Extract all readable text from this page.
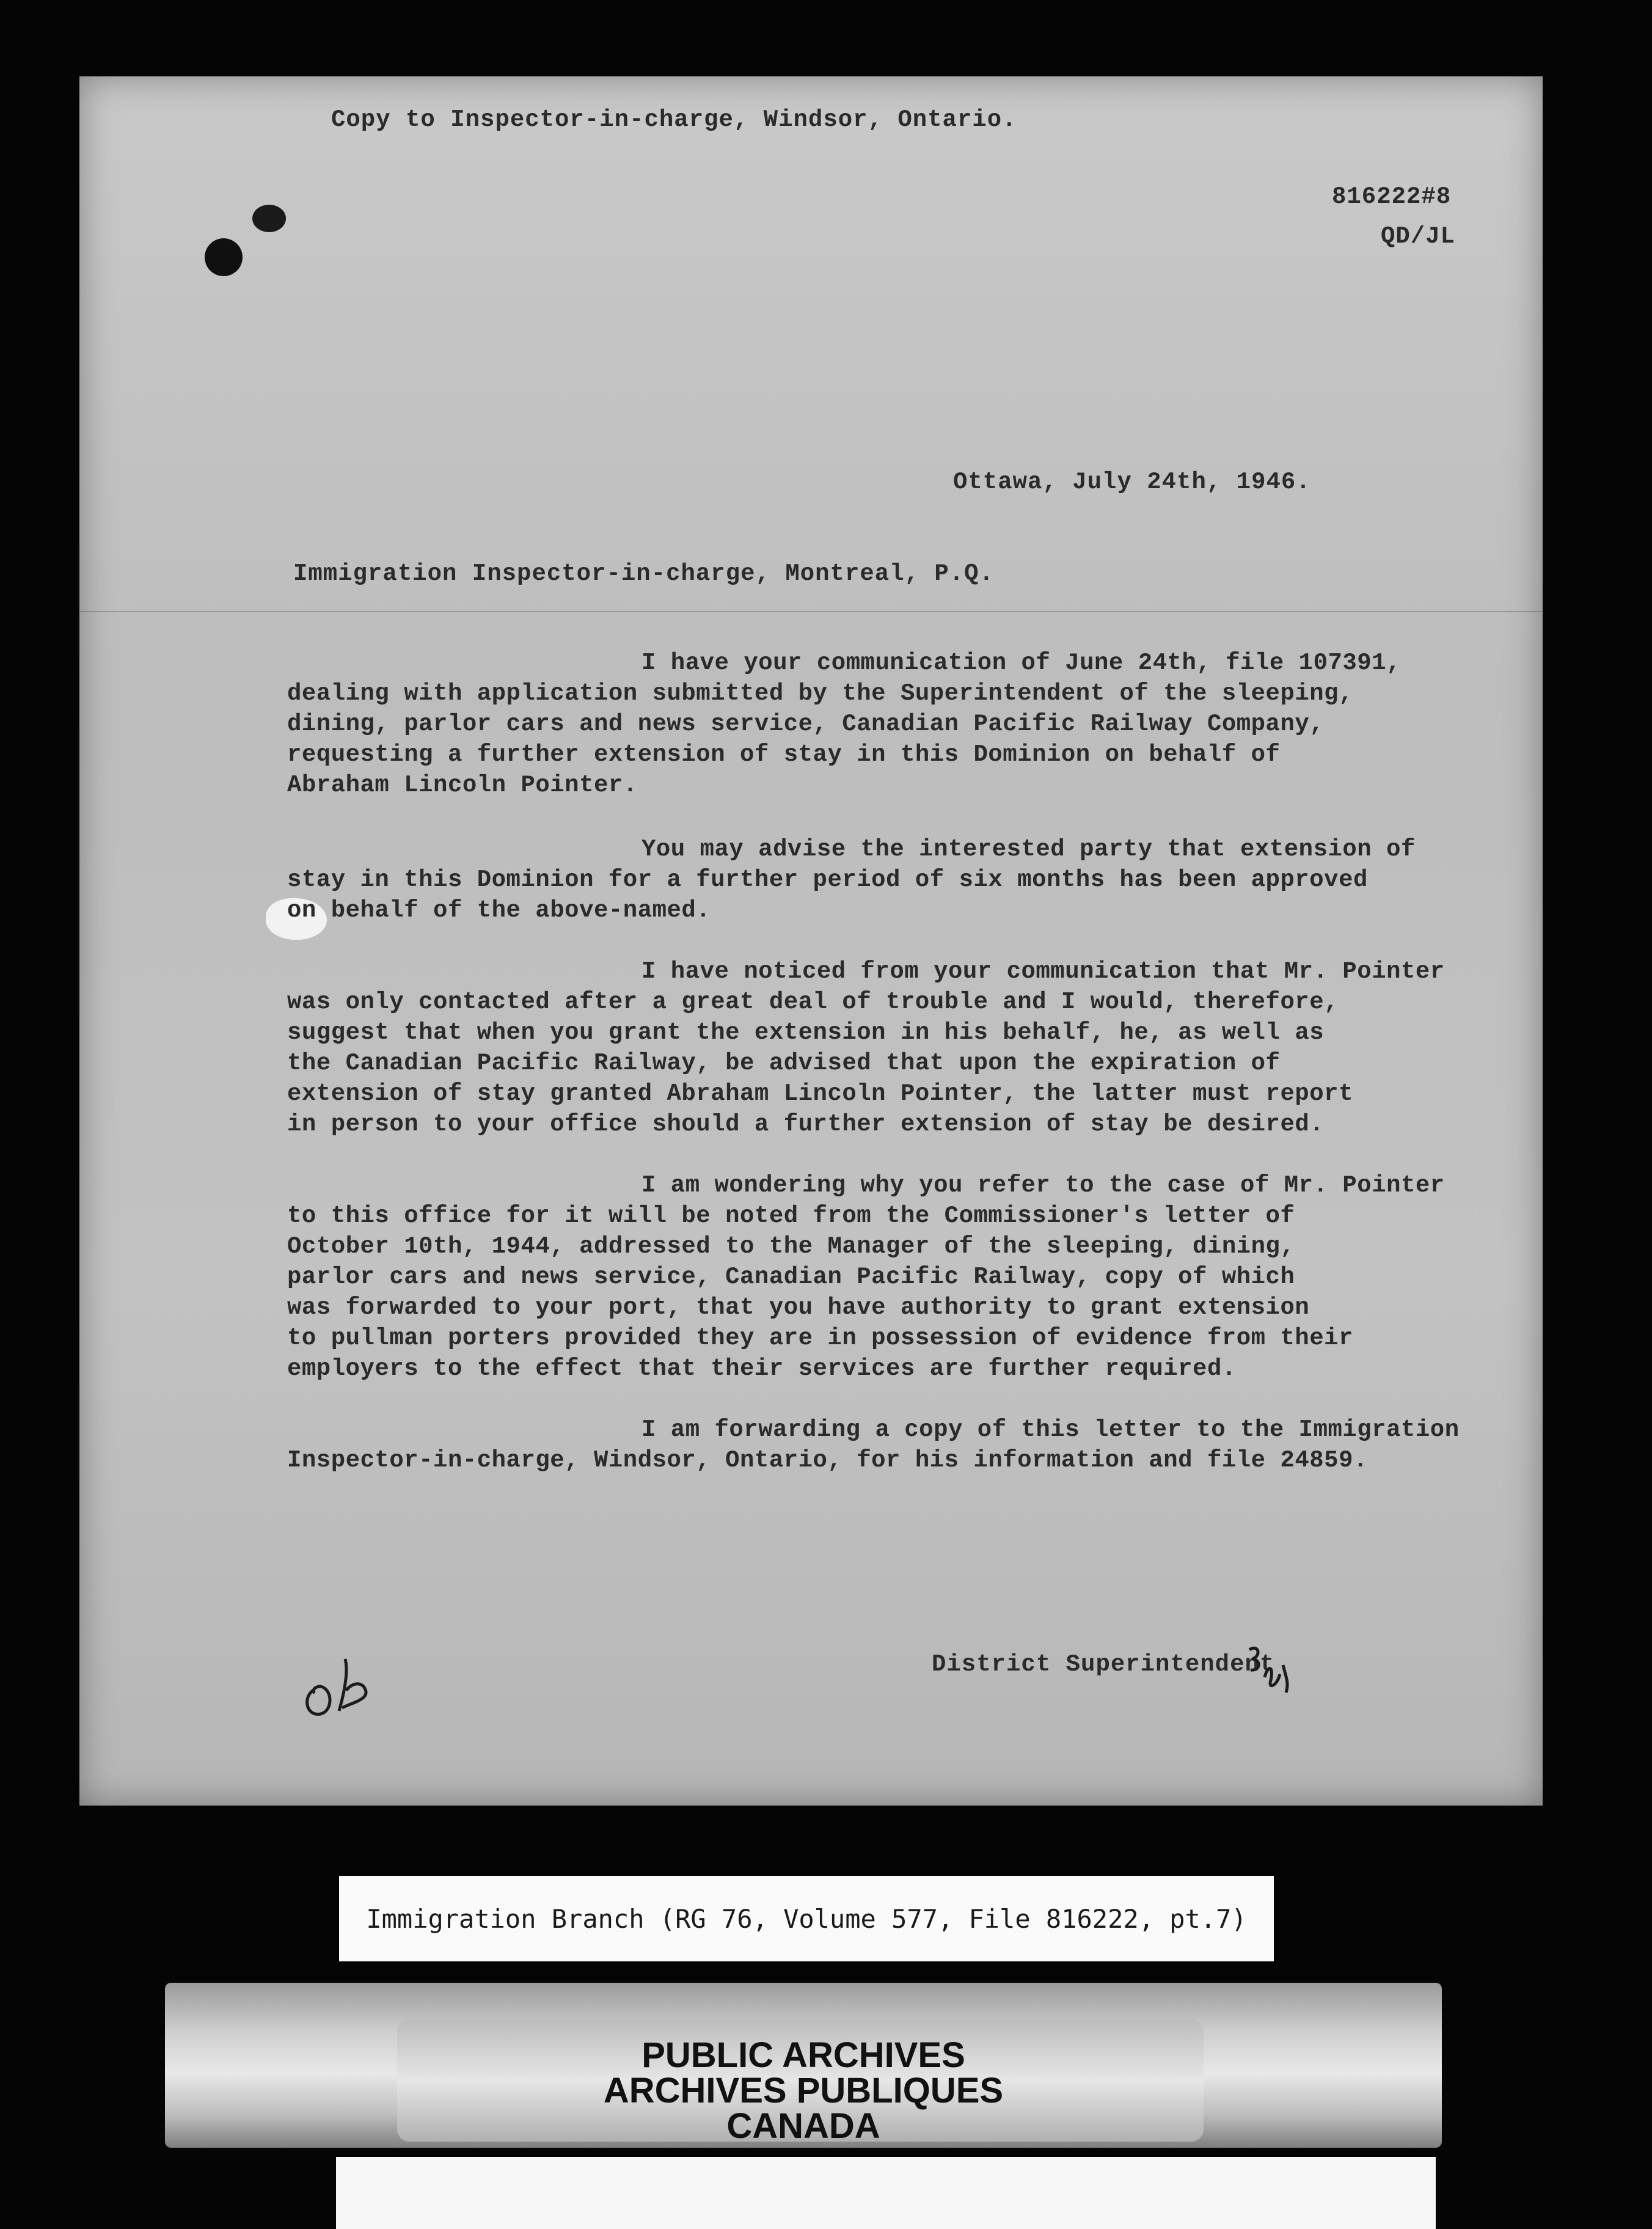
Copy to Inspector-in-charge, Windsor, Ontario.
816222#8
QD/JL
Ottawa, July 24th, 1946.
Immigration Inspector-in-charge, Montreal, P.Q.
I have your communication of June 24th, file 107391,
dealing with application submitted by the Superintendent of the sleeping,
dining, parlor cars and news service, Canadian Pacific Railway Company,
requesting a further extension of stay in this Dominion on behalf of
Abraham Lincoln Pointer.
You may advise the interested party that extension of
stay in this Dominion for a further period of six months has been approved
on behalf of the above-named.
I have noticed from your communication that Mr. Pointer
was only contacted after a great deal of trouble and I would, therefore,
suggest that when you grant the extension in his behalf, he, as well as
the Canadian Pacific Railway, be advised that upon the expiration of
extension of stay granted Abraham Lincoln Pointer, the latter must report
in person to your office should a further extension of stay be desired.
I am wondering why you refer to the case of Mr. Pointer
to this office for it will be noted from the Commissioner's letter of
October 10th, 1944, addressed to the Manager of the sleeping, dining,
parlor cars and news service, Canadian Pacific Railway, copy of which
was forwarded to your port, that you have authority to grant extension
to pullman porters provided they are in possession of evidence from their
employers to the effect that their services are further required.
I am forwarding a copy of this letter to the Immigration
Inspector-in-charge, Windsor, Ontario, for his information and file 24859.
District Superintendent
Immigration Branch (RG 76, Volume 577, File 816222, pt.7)
PUBLIC ARCHIVES
ARCHIVES PUBLIQUES
CANADA
